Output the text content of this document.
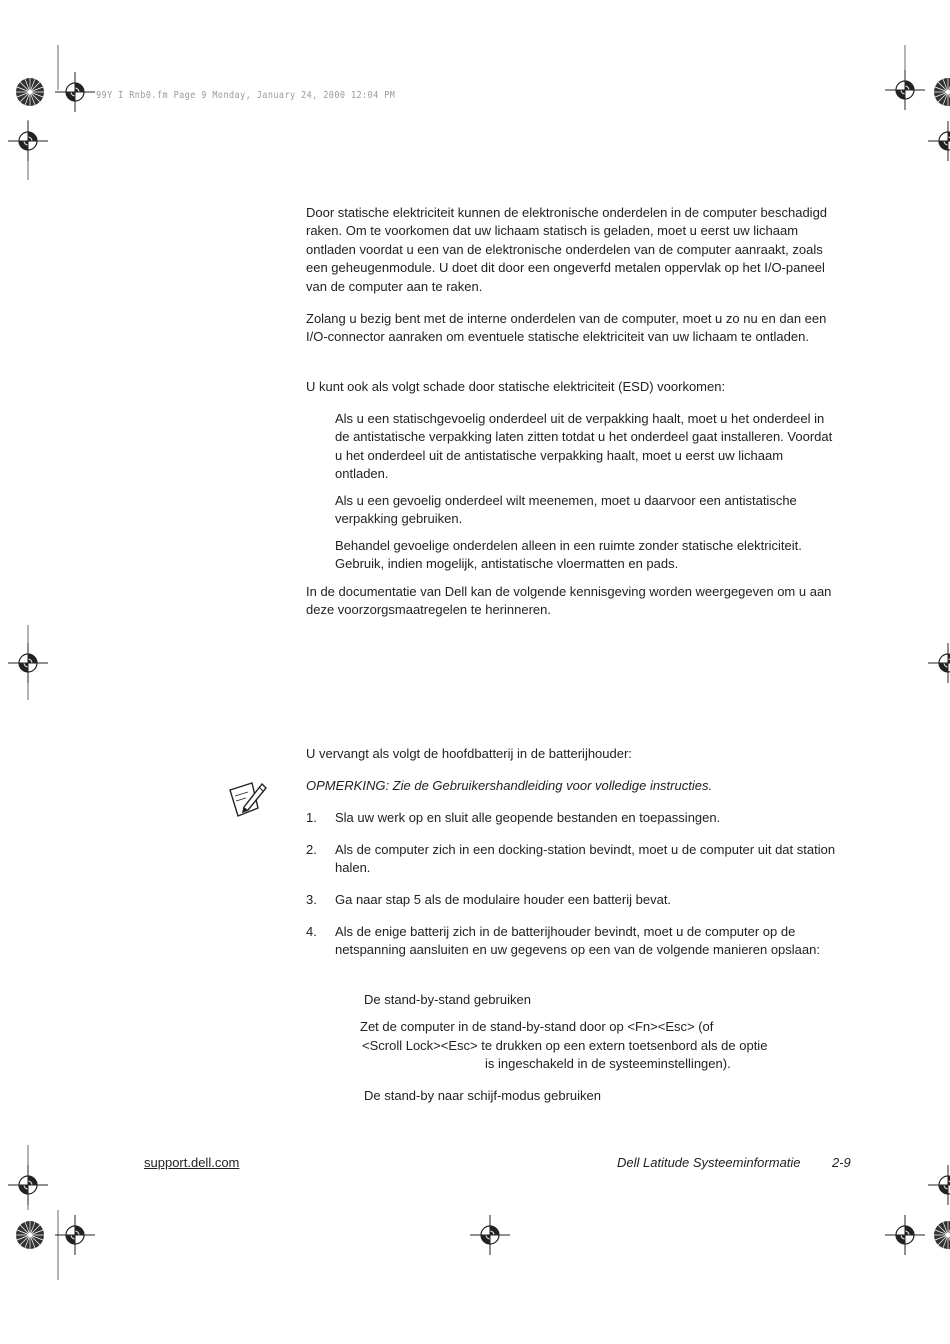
99Y I Rnb0.fm Page 9 Monday, January 24, 2000 12:04 PM

Door statische elektriciteit kunnen de elektronische onderdelen in de computer beschadigd raken. Om te voorkomen dat uw lichaam statisch is geladen, moet u eerst uw lichaam ontladen voordat u een van de elektronische onderdelen van de computer aanraakt, zoals een geheugenmodule. U doet dit door een ongeverfd metalen oppervlak op het I/O-paneel van de computer aan te raken.

Zolang u bezig bent met de interne onderdelen van de computer, moet u zo nu en dan een I/O-connector aanraken om eventuele statische elektriciteit van uw lichaam te ontladen.

U kunt ook als volgt schade door statische elektriciteit (ESD) voorkomen:

Als u een statischgevoelig onderdeel uit de verpakking haalt, moet u het onderdeel in de antistatische verpakking laten zitten totdat u het onderdeel gaat installeren. Voordat u het onderdeel uit de antistatische verpakking haalt, moet u eerst uw lichaam ontladen.

Als u een gevoelig onderdeel wilt meenemen, moet u daarvoor een antistatische verpakking gebruiken.

Behandel gevoelige onderdelen alleen in een ruimte zonder statische elektriciteit. Gebruik, indien mogelijk, antistatische vloermatten en pads.

In de documentatie van Dell kan de volgende kennisgeving worden weergegeven om u aan deze voorzorgsmaatregelen te herinneren.

U vervangt als volgt de hoofdbatterij in de batterijhouder:

OPMERKING: Zie de Gebruikershandleiding voor volledige instructies.

1. Sla uw werk op en sluit alle geopende bestanden en toepassingen.
2. Als de computer zich in een docking-station bevindt, moet u de computer uit dat station halen.
3. Ga naar stap 5 als de modulaire houder een batterij bevat.
4. Als de enige batterij zich in de batterijhouder bevindt, moet u de computer op de netspanning aansluiten en uw gegevens op een van de volgende manieren opslaan:
De stand-by-stand gebruiken
Zet de computer in de stand-by-stand door op <Fn><Esc> (of
<Scroll Lock><Esc> te drukken op een extern toetsenbord als de optie
is ingeschakeld in de systeeminstellingen).
De stand-by naar schijf-modus gebruiken
support.dell.com	Dell Latitude Systeeminformatie 2-9
